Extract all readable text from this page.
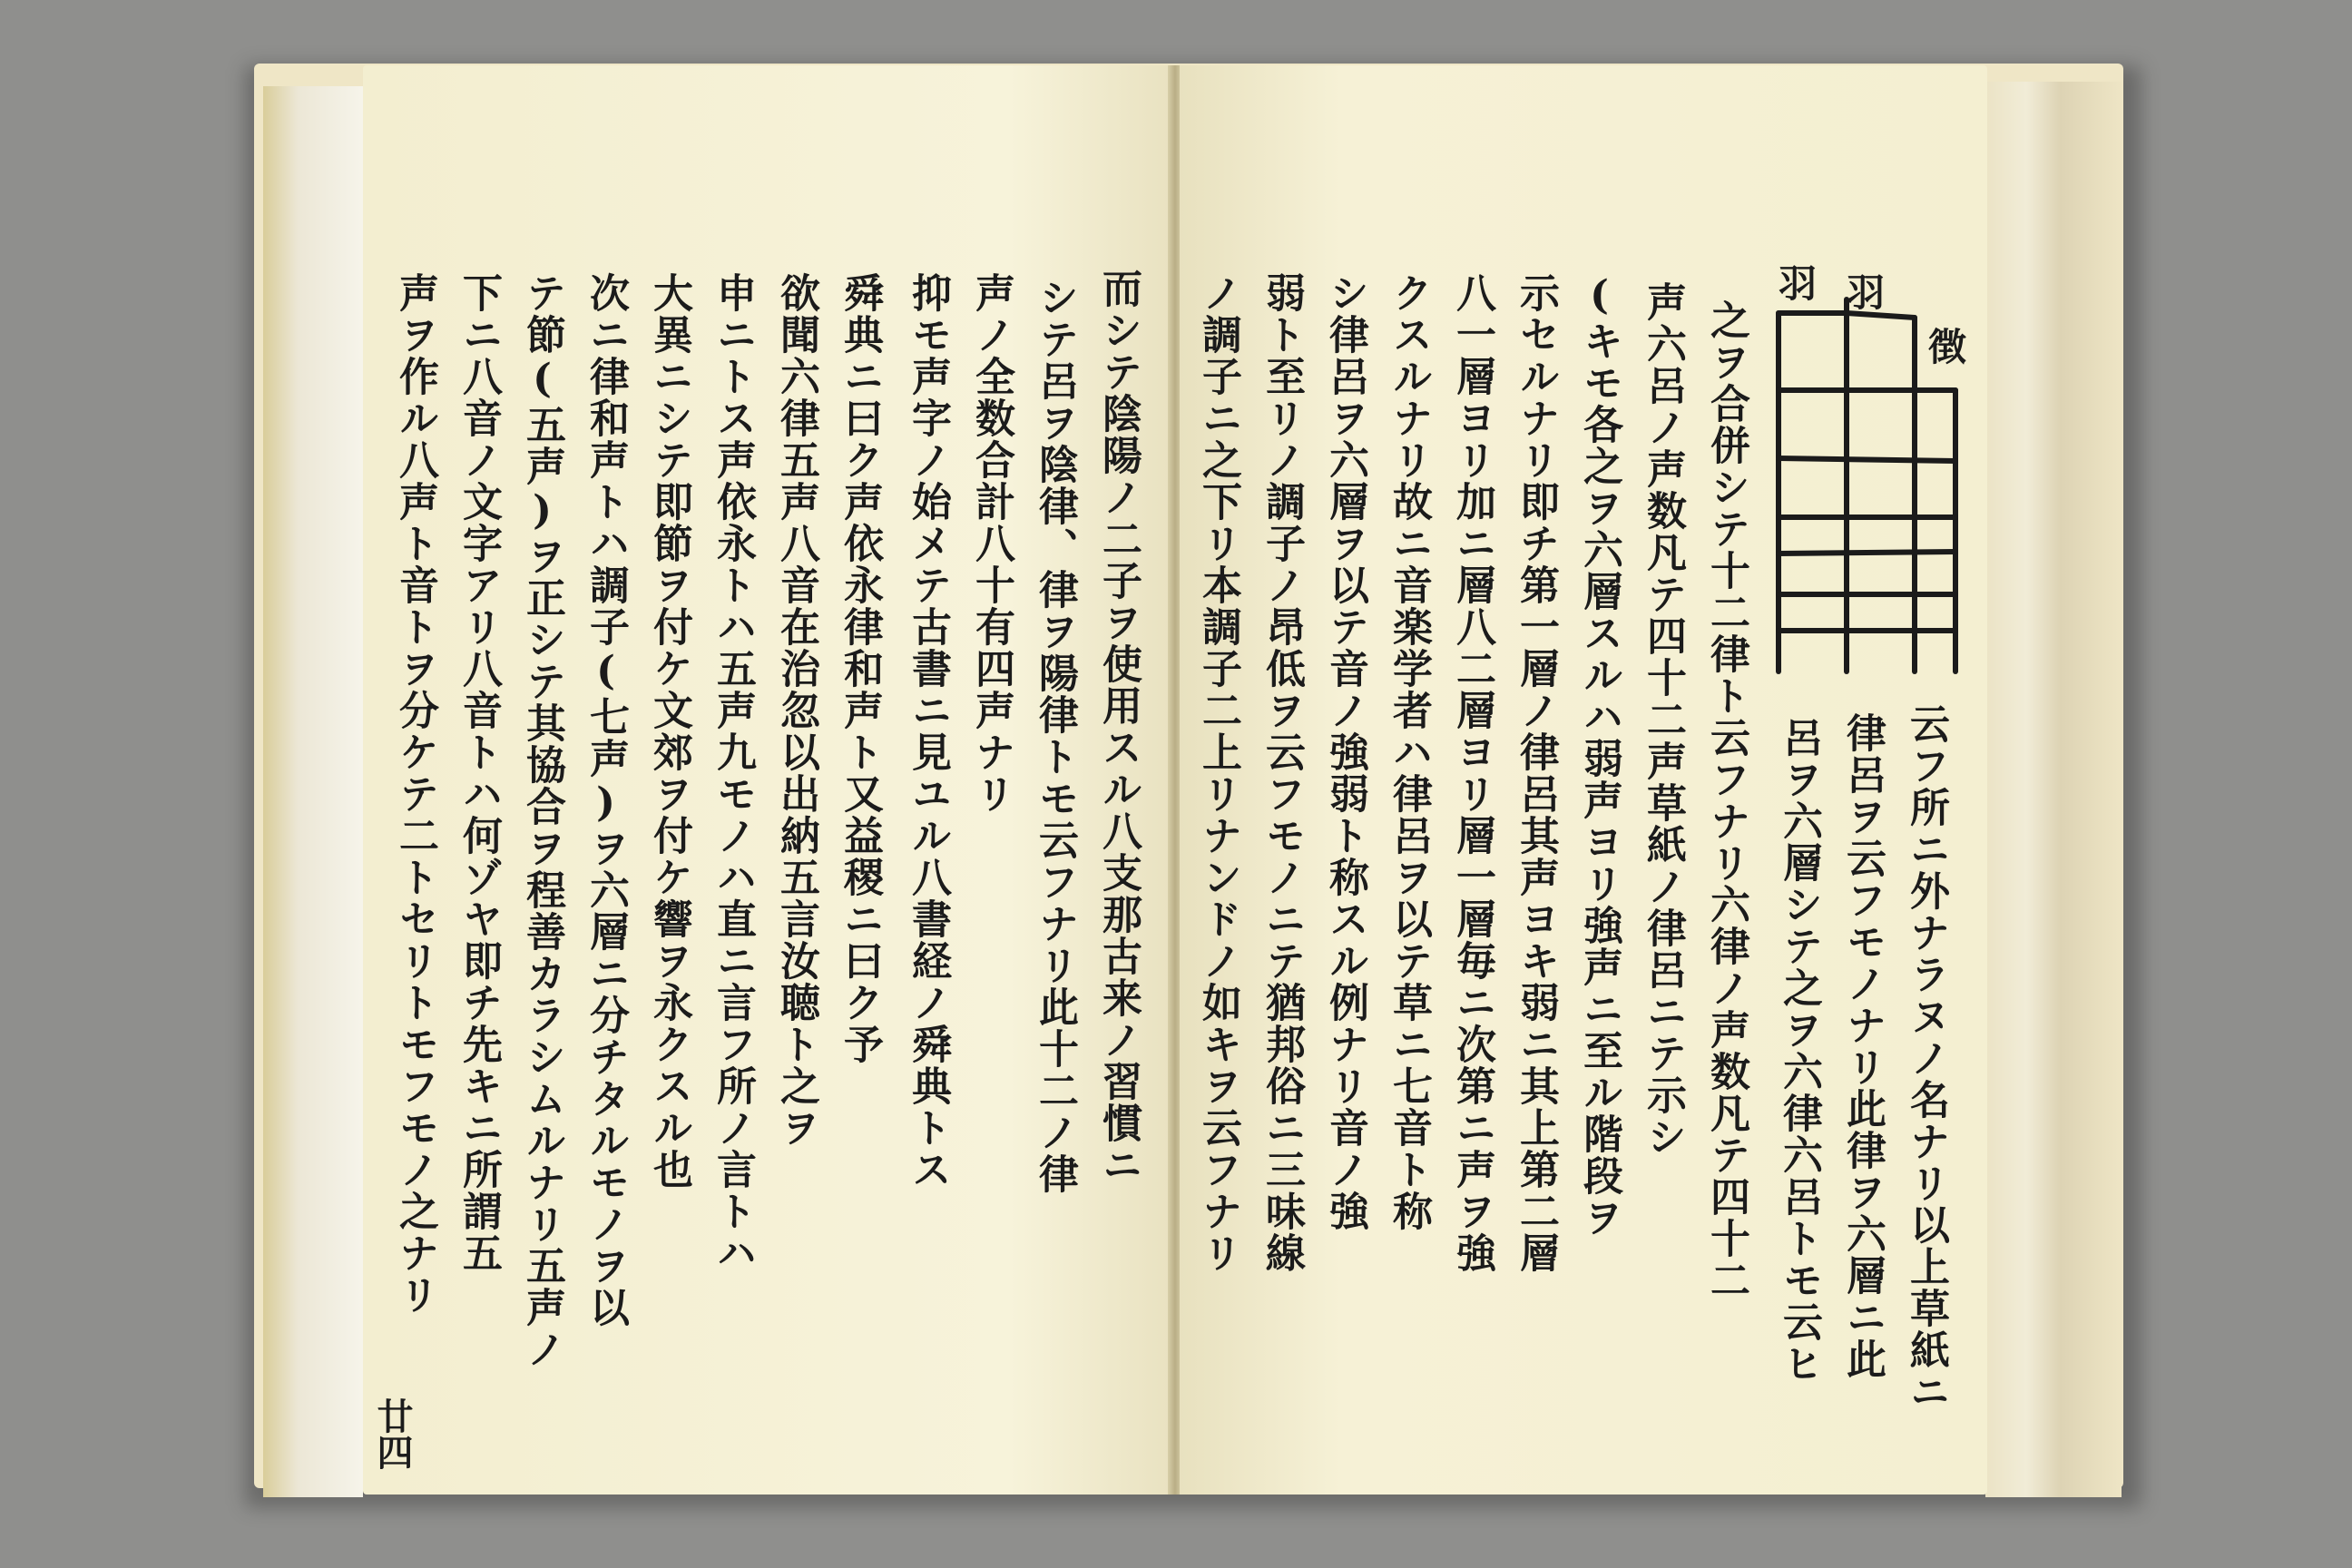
而シテ陰陽ノ二子ヲ使用スル八支那古来ノ習慣ニ
シテ呂ヲ陰律、律ヲ陽律トモ云フナリ此十二ノ律
声ノ全数合計八十有四声ナリ
抑モ声字ノ始メテ古書ニ見ユル八書経ノ舜典トス
舜典ニ曰ク声依永律和声ト又益稷ニ曰ク予
欲聞六律五声八音在治忽以出納五言汝聴ト之ヲ
申ニトス声依永トハ五声九モノハ直ニ言フ所ノ言トハ
大異ニシテ即節ヲ付ケ文郊ヲ付ケ響ヲ永クスル也
次ニ律和声トハ調子(七声)ヲ六層ニ分チタルモノヲ以
テ節(五声)ヲ正シテ其協合ヲ程善カラシムルナリ五声ノ
下ニ八音ノ文字アリ八音トハ何ゾヤ即チ先キニ所謂五
声ヲ作ル八声ト音トヲ分ケテ二トセリトモフモノ之ナリ
廿四
之ヲ合併シテ十二律ト云フナリ六律ノ声数凡テ四十二
声六呂ノ声数凡テ四十二声草紙ノ律呂ニテ示シ
(キモ各之ヲ六層スルハ弱声ヨリ強声ニ至ル階段ヲ
示セルナリ即チ第一層ノ律呂其声ヨキ弱ニ其上第二層
八一層ヨリ加ニ層八二層ヨリ層一層毎ニ次第ニ声ヲ強
クスルナリ故ニ音楽学者ハ律呂ヲ以テ草ニ七音ト称
シ律呂ヲ六層ヲ以テ音ノ強弱ト称スル例ナリ音ノ強
弱ト至リノ調子ノ昂低ヲ云フモノニテ猶邦俗ニ三味線
ノ調子ニ之下リ本調子二上リナンドノ如キヲ云フナリ	云フ所ニ外ナラヌノ名ナリ以上草紙ニ
律呂ヲ云フモノナリ此律ヲ六層ニ此
呂ヲ六層シテ之ヲ六律六呂トモ云ヒ
羽 羽
徴
